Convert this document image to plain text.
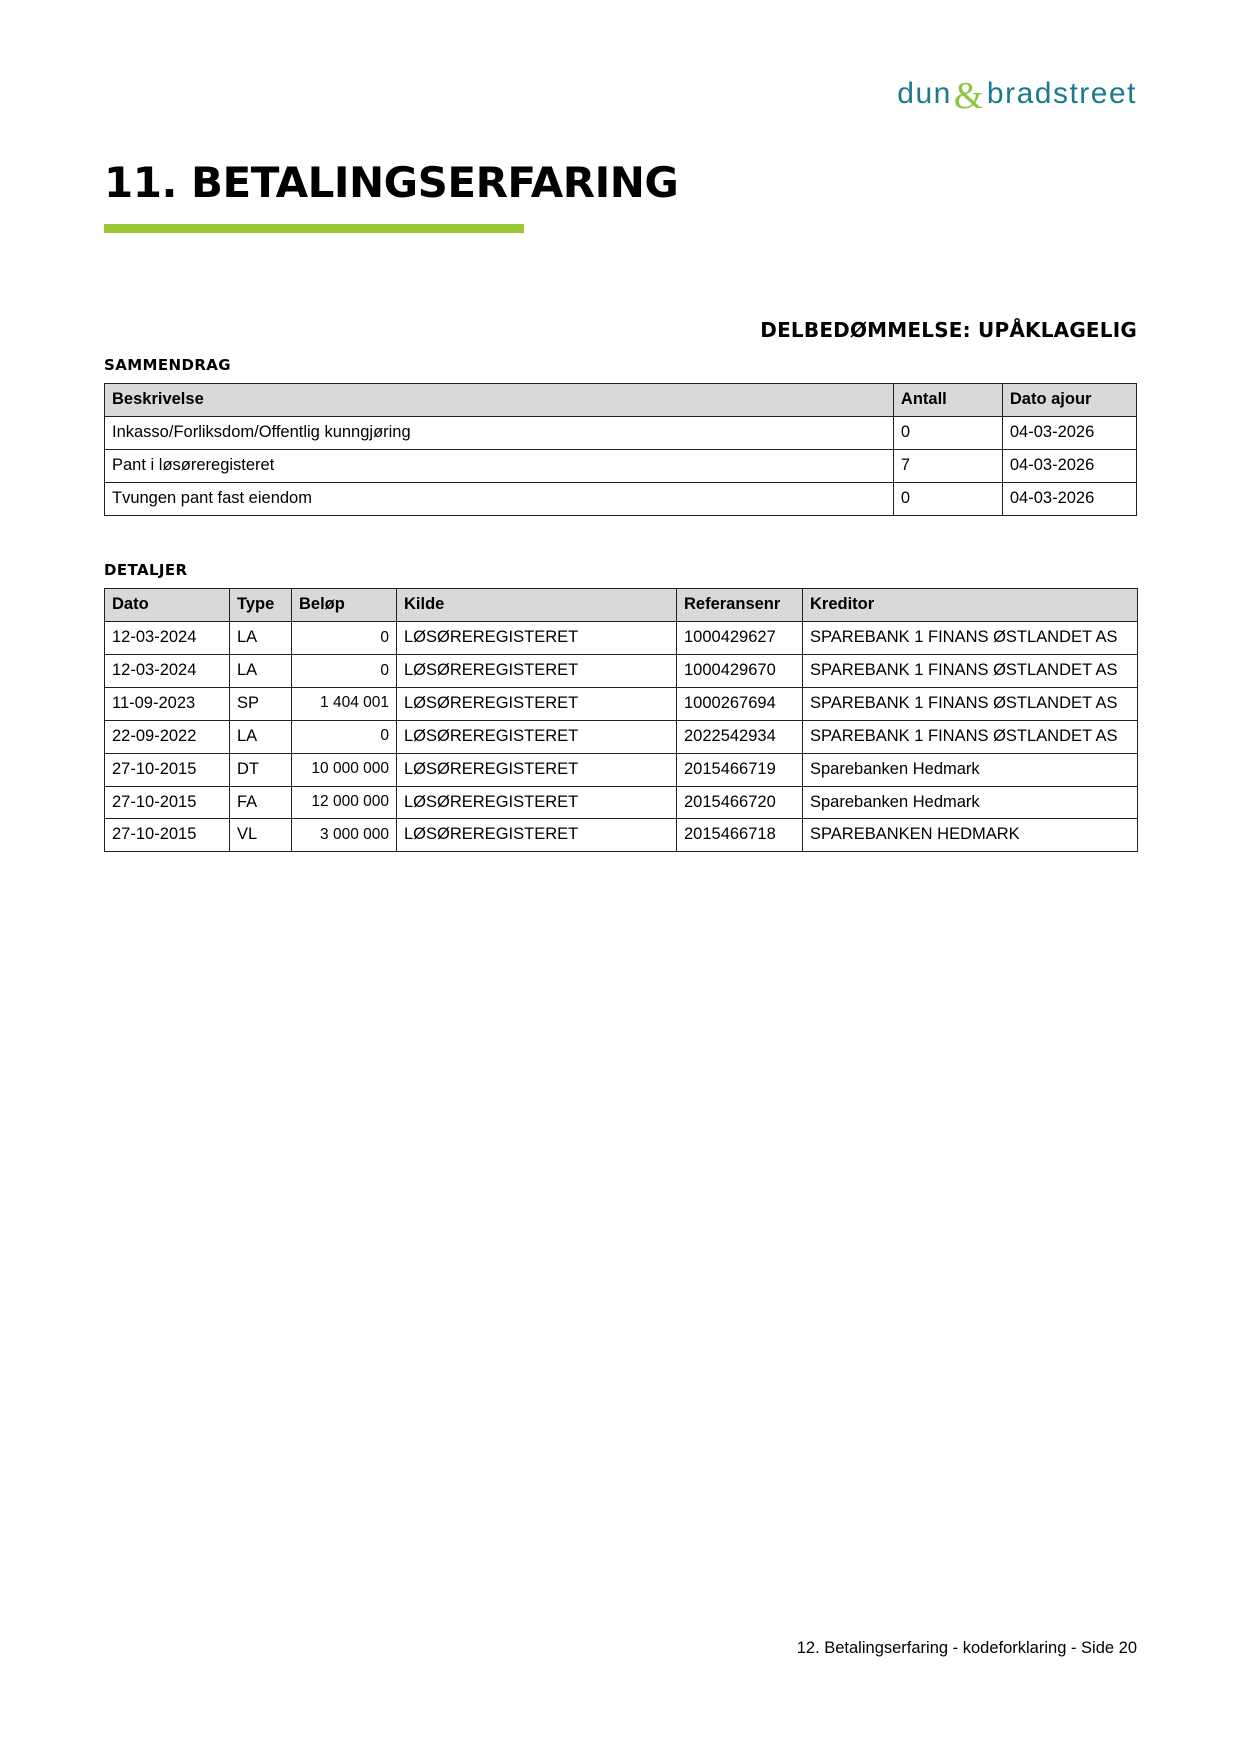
dun & bradstreet
11. BETALINGSERFARING
DELBEDØMMELSE: UPÅKLAGELIG
SAMMENDRAG
Beskrivelse	Antall	Dato ajour
Inkasso/Forliksdom/Offentlig kunngjøring	0	04-03-2026
Pant i løsøreregisteret	7	04-03-2026
Tvungen pant fast eiendom	0	04-03-2026
DETALJER
Dato	Type	Beløp	Kilde	Referansenr	Kreditor
12-03-2024	LA	0	LØSØREREGISTERET	1000429627	SPAREBANK 1 FINANS ØSTLANDET AS
12-03-2024	LA	0	LØSØREREGISTERET	1000429670	SPAREBANK 1 FINANS ØSTLANDET AS
11-09-2023	SP	1 404 001	LØSØREREGISTERET	1000267694	SPAREBANK 1 FINANS ØSTLANDET AS
22-09-2022	LA	0	LØSØREREGISTERET	2022542934	SPAREBANK 1 FINANS ØSTLANDET AS
27-10-2015	DT	10 000 000	LØSØREREGISTERET	2015466719	Sparebanken Hedmark
27-10-2015	FA	12 000 000	LØSØREREGISTERET	2015466720	Sparebanken Hedmark
27-10-2015	VL	3 000 000	LØSØREREGISTERET	2015466718	SPAREBANKEN HEDMARK
12. Betalingserfaring - kodeforklaring - Side 20
